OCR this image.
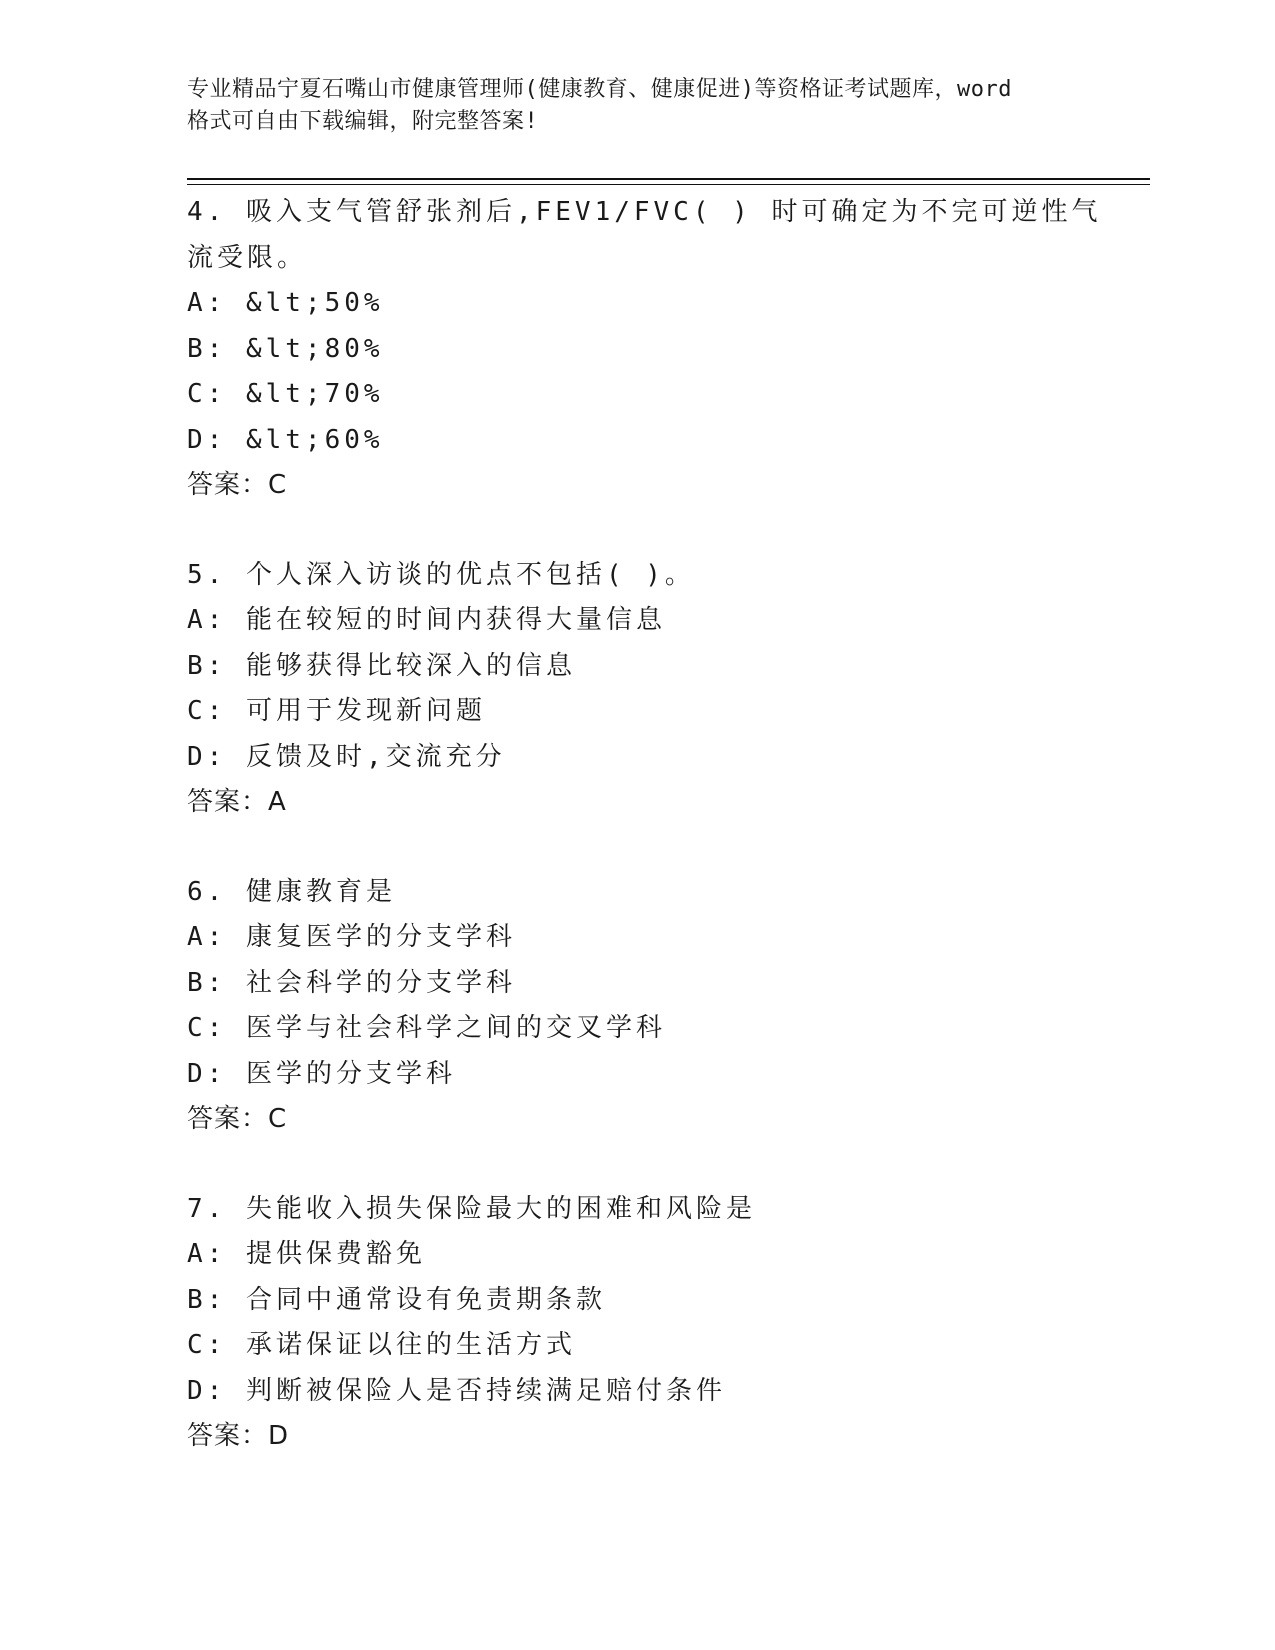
专业精品宁夏石嘴山市健康管理师(健康教育、健康促进)等资格证考试题库，word
格式可自由下载编辑，附完整答案!

4. 吸入支气管舒张剂后,FEV1/FVC( ) 时可确定为不完可逆性气

流受限。

A: &lt;50%

B: &lt;80%

C: &lt;70%

D: &lt;60%

答案：C

5. 个人深入访谈的优点不包括( )。

A: 能在较短的时间内获得大量信息

B: 能够获得比较深入的信息

C: 可用于发现新问题

D: 反馈及时,交流充分

答案：A

6. 健康教育是

A: 康复医学的分支学科

B: 社会科学的分支学科

C: 医学与社会科学之间的交叉学科

D: 医学的分支学科

答案：C

7. 失能收入损失保险最大的困难和风险是

A: 提供保费豁免

B: 合同中通常设有免责期条款

C: 承诺保证以往的生活方式

D: 判断被保险人是否持续满足赔付条件

答案：D
